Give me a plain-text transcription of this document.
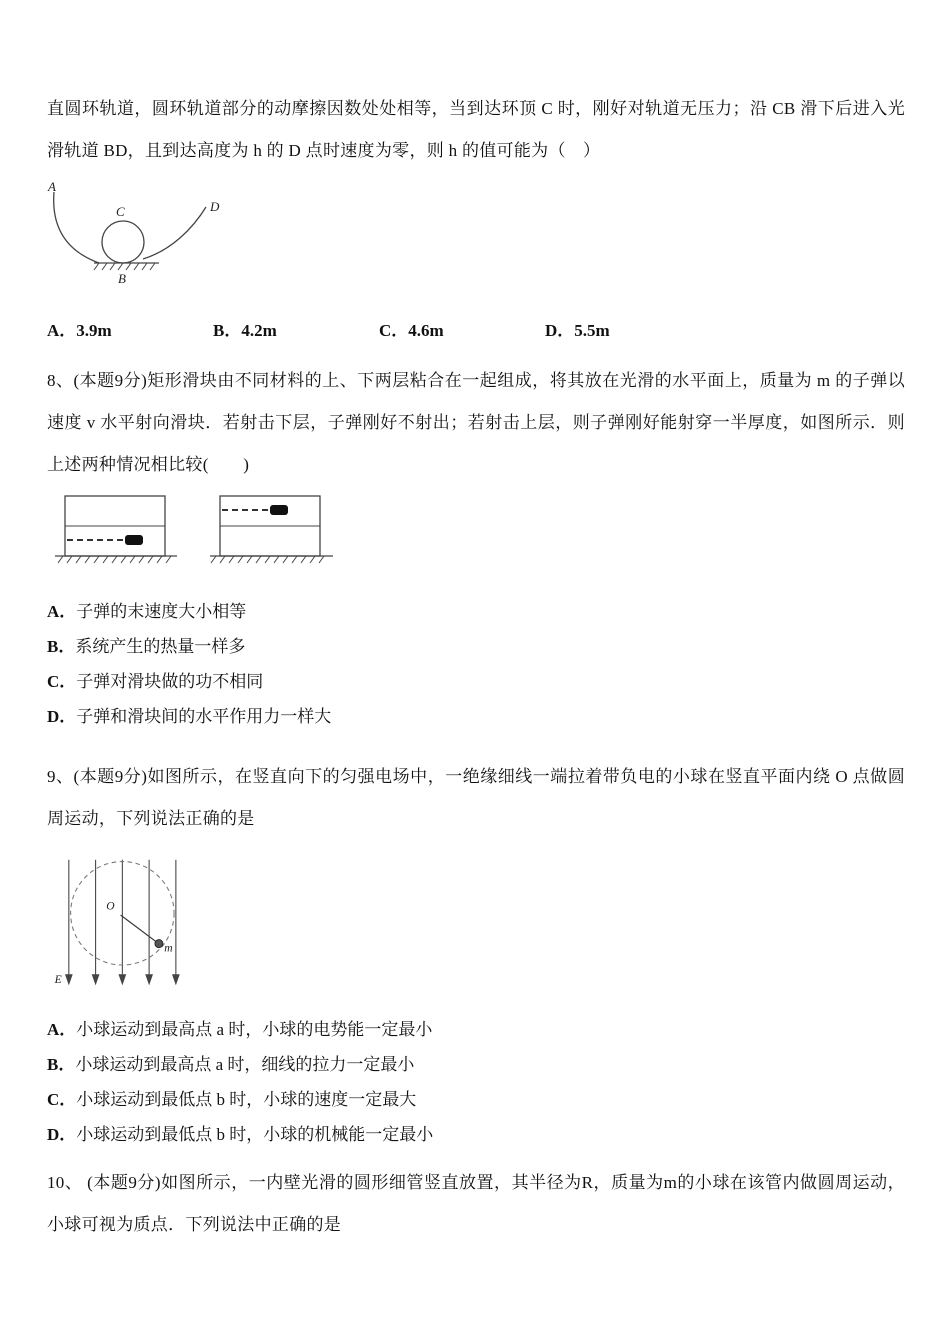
直圆环轨道，圆环轨道部分的动摩擦因数处处相等，当到达环顶 C 时，刚好对轨道无压力；沿 CB 滑下后进入光滑轨道 BD，且到达高度为 h 的 D 点时速度为零，则 h 的值可能为（　）

A
C	D
B
A．3.9m	B．4.2m	C．4.6m	D．5.5m

8、(本题9分)矩形滑块由不同材料的上、下两层粘合在一起组成，将其放在光滑的水平面上，质量为 m 的子弹以速度 v 水平射向滑块．若射击下层，子弹刚好不射出；若射击上层，则子弹刚好能射穿一半厚度，如图所示．则上述两种情况相比较(　　)

A．子弹的末速度大小相等
B．系统产生的热量一样多
C．子弹对滑块做的功不相同
D．子弹和滑块间的水平作用力一样大

9、(本题9分)如图所示，在竖直向下的匀强电场中，一绝缘细线一端拉着带负电的小球在竖直平面内绕 O 点做圆周运动，下列说法正确的是

O
m
E
A．小球运动到最高点 a 时，小球的电势能一定最小
B．小球运动到最高点 a 时，细线的拉力一定最小
C．小球运动到最低点 b 时，小球的速度一定最大
D．小球运动到最低点 b 时，小球的机械能一定最小

10、 (本题9分)如图所示，一内壁光滑的圆形细管竖直放置，其半径为R，质量为m的小球在该管内做圆周运动，小球可视为质点．下列说法中正确的是
